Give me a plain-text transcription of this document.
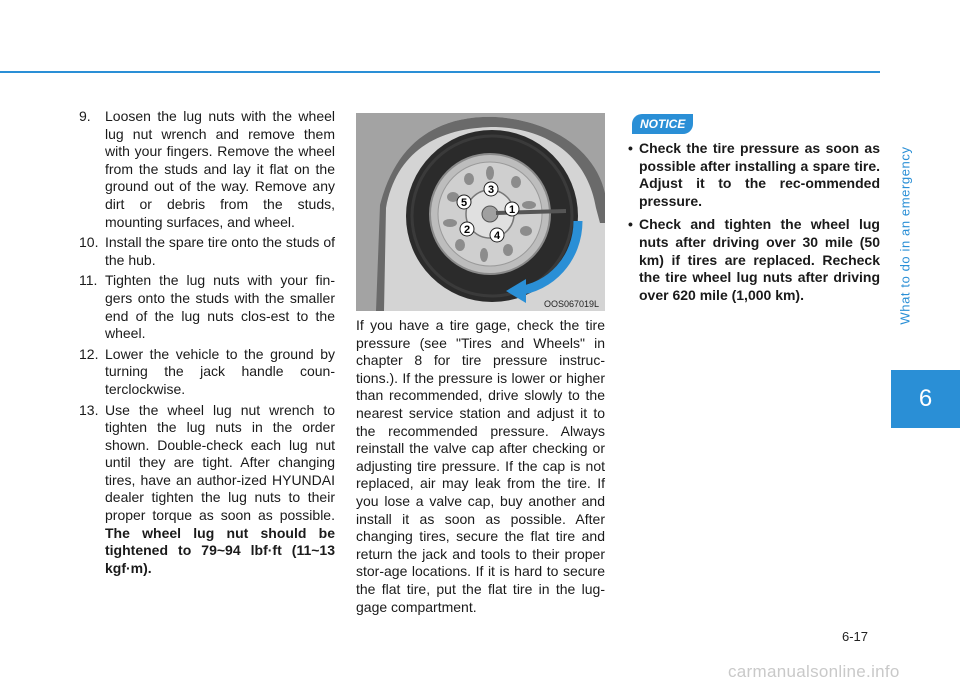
What to do in an emergency
6
9.	Loosen the lug nuts with the wheel lug nut wrench and remove them with your fingers. Remove the wheel from the studs and lay it flat on the ground out of the way. Remove any dirt or debris from the studs, mounting surfaces, and wheel.
10. Install the spare tire onto the studs of the hub.
11. Tighten the lug nuts with your fin-gers onto the studs with the smaller end of the lug nuts clos-est to the wheel.
12. Lower the vehicle to the ground by turning the jack handle coun-terclockwise.
13. Use the wheel lug nut wrench to tighten the lug nuts in the order shown. Double-check each lug nut until they are tight. After changing tires, have an author-ized HYUNDAI dealer tighten the lug nuts to their proper torque as soon as possible. The wheel lug nut should be tightened to 79~94 lbf·ft (11~13 kgf·m).
1
2
3
4
5
OOS067019L
If you have a tire gage, check the tire pressure (see "Tires and Wheels" in chapter 8 for tire pressure instruc-tions.). If the pressure is lower or higher than recommended, drive slowly to the nearest service station and adjust it to the recommended pressure. Always reinstall the valve cap after checking or adjusting tire pressure. If the cap is not replaced, air may leak from the tire. If you lose a valve cap, buy another and install it as soon as possible. After changing tires, secure the flat tire and return the jack and tools to their proper stor-age locations. If it is hard to secure the flat tire, put the flat tire in the lug-gage compartment.
NOTICE
• Check the tire pressure as soon as possible after installing a spare tire. Adjust it to the rec-ommended pressure.
• Check and tighten the wheel lug nuts after driving over 30 mile (50 km) if tires are replaced. Recheck the tire wheel lug nuts after driving over 620 mile (1,000 km).
6-17
carmanualsonline.info
